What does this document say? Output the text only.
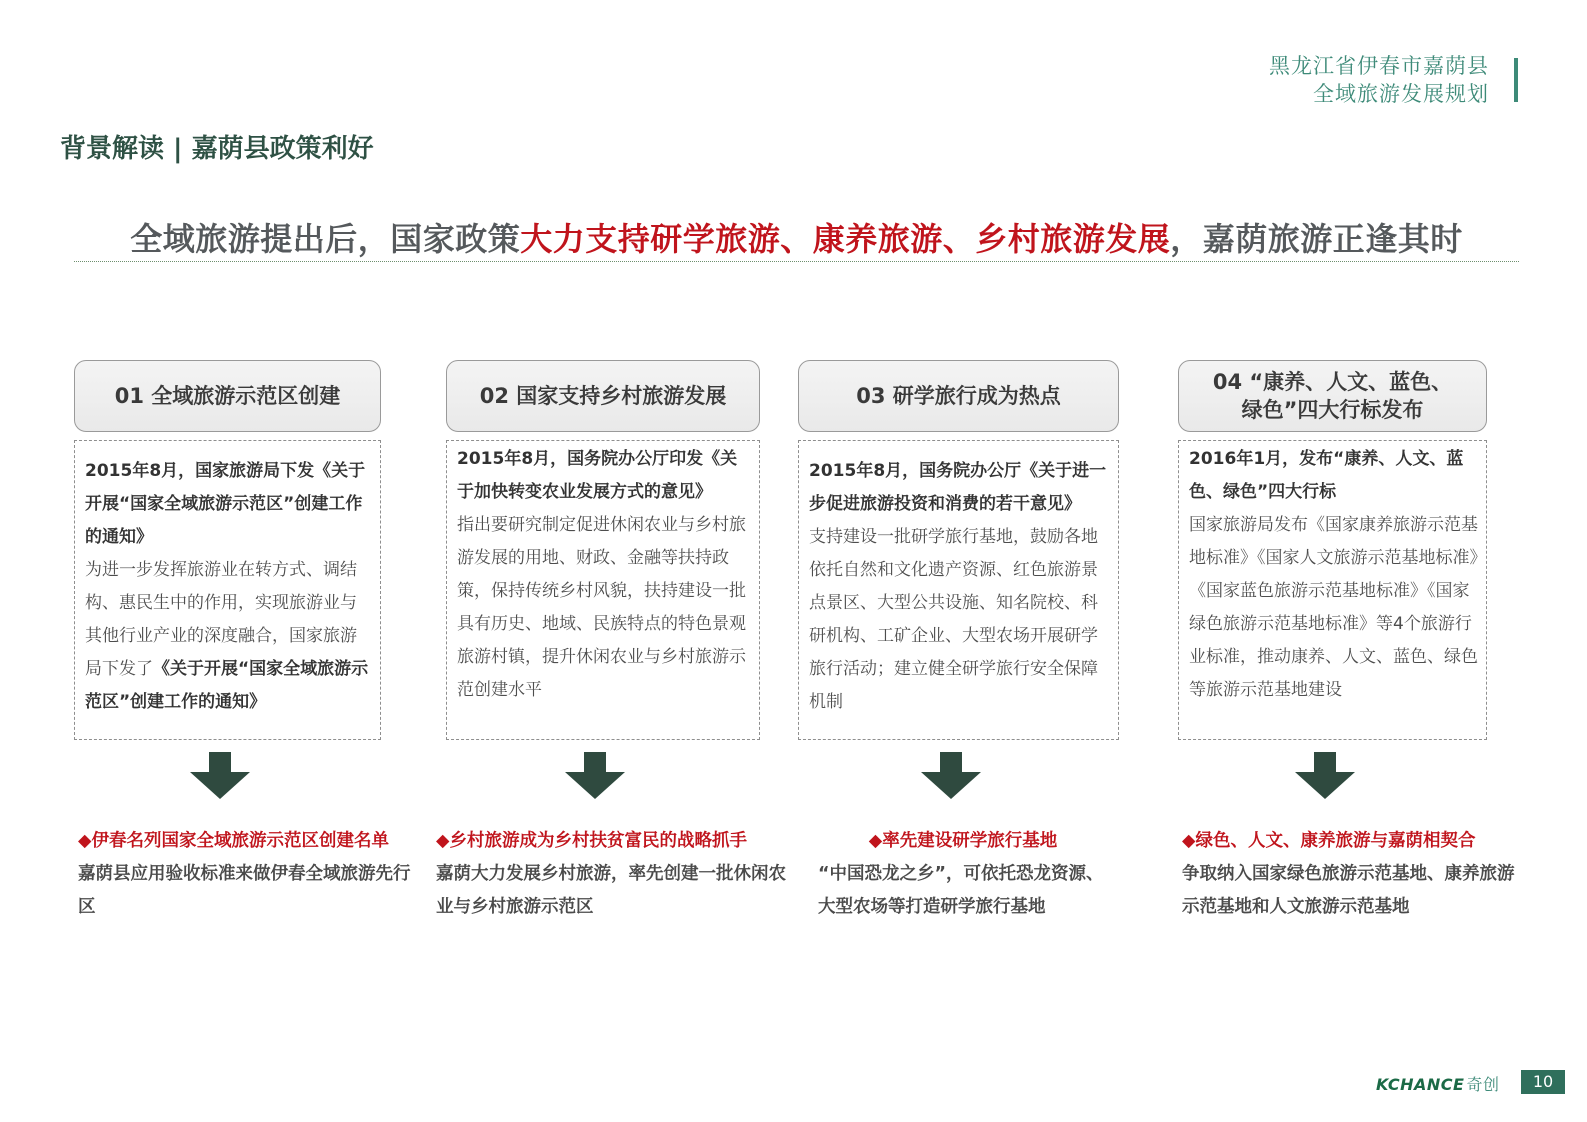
黑龙江省伊春市嘉荫县
全域旅游发展规划
背景解读 | 嘉荫县政策利好
全域旅游提出后，国家政策大力支持研学旅游、康养旅游、乡村旅游发展，嘉荫旅游正逢其时
01 全域旅游示范区创建
2015年8月，国家旅游局下发《关于开展“国家全域旅游示范区”创建工作的通知》
为进一步发挥旅游业在转方式、调结构、惠民生中的作用，实现旅游业与其他行业产业的深度融合，国家旅游局下发了《关于开展“国家全域旅游示范区”创建工作的通知》
◆伊春名列国家全域旅游示范区创建名单
嘉荫县应用验收标准来做伊春全域旅游先行区
02 国家支持乡村旅游发展
2015年8月，国务院办公厅印发《关于加快转变农业发展方式的意见》
指出要研究制定促进休闲农业与乡村旅游发展的用地、财政、金融等扶持政策，保持传统乡村风貌，扶持建设一批具有历史、地域、民族特点的特色景观旅游村镇，提升休闲农业与乡村旅游示范创建水平
◆乡村旅游成为乡村扶贫富民的战略抓手
嘉荫大力发展乡村旅游，率先创建一批休闲农业与乡村旅游示范区
03 研学旅行成为热点
2015年8月，国务院办公厅《关于进一步促进旅游投资和消费的若干意见》
支持建设一批研学旅行基地，鼓励各地依托自然和文化遗产资源、红色旅游景点景区、大型公共设施、知名院校、科研机构、工矿企业、大型农场开展研学旅行活动；建立健全研学旅行安全保障机制
◆率先建设研学旅行基地
“中国恐龙之乡”，可依托恐龙资源、大型农场等打造研学旅行基地
04 “康养、人文、蓝色、
绿色”四大行标发布
2016年1月，发布“康养、人文、蓝色、绿色”四大行标
国家旅游局发布《国家康养旅游示范基地标准》《国家人文旅游示范基地标准》《国家蓝色旅游示范基地标准》《国家绿色旅游示范基地标准》等4个旅游行业标准，推动康养、人文、蓝色、绿色等旅游示范基地建设
◆绿色、人文、康养旅游与嘉荫相契合
争取纳入国家绿色旅游示范基地、康养旅游示范基地和人文旅游示范基地
KCHANCE 奇创	10
